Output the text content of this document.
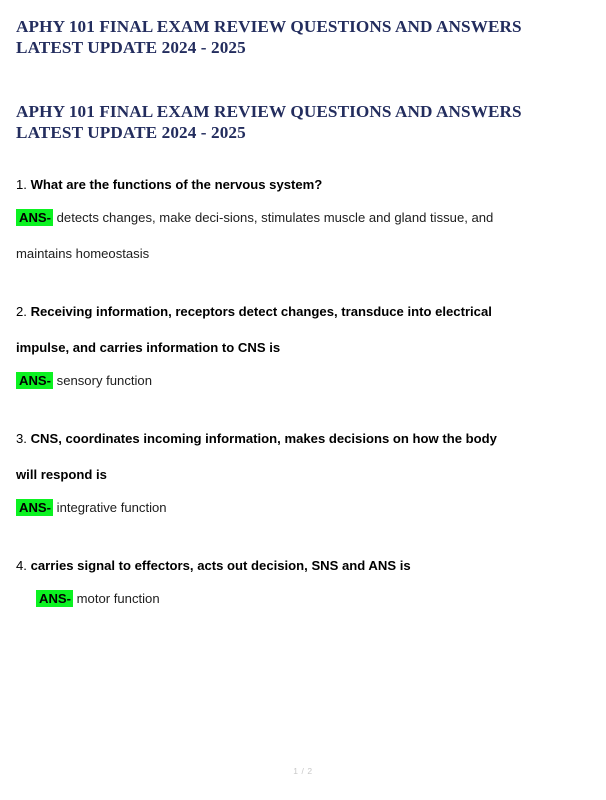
APHY 101 FINAL EXAM REVIEW QUESTIONS AND ANSWERS LATEST UPDATE 2024 - 2025
APHY 101 FINAL EXAM REVIEW QUESTIONS AND ANSWERS LATEST UPDATE 2024 - 2025

1. What are the functions of the nervous system?

ANS- detects changes, make deci-sions, stimulates muscle and gland tissue, and
maintains homeostasis

2. Receiving information, receptors detect changes, transduce into electrical
impulse, and carries information to CNS is

ANS- sensory function

3. CNS, coordinates incoming information, makes decisions on how the body
will respond is

ANS- integrative function

4. carries signal to effectors, acts out decision, SNS and ANS is

ANS- motor function

1 / 2
